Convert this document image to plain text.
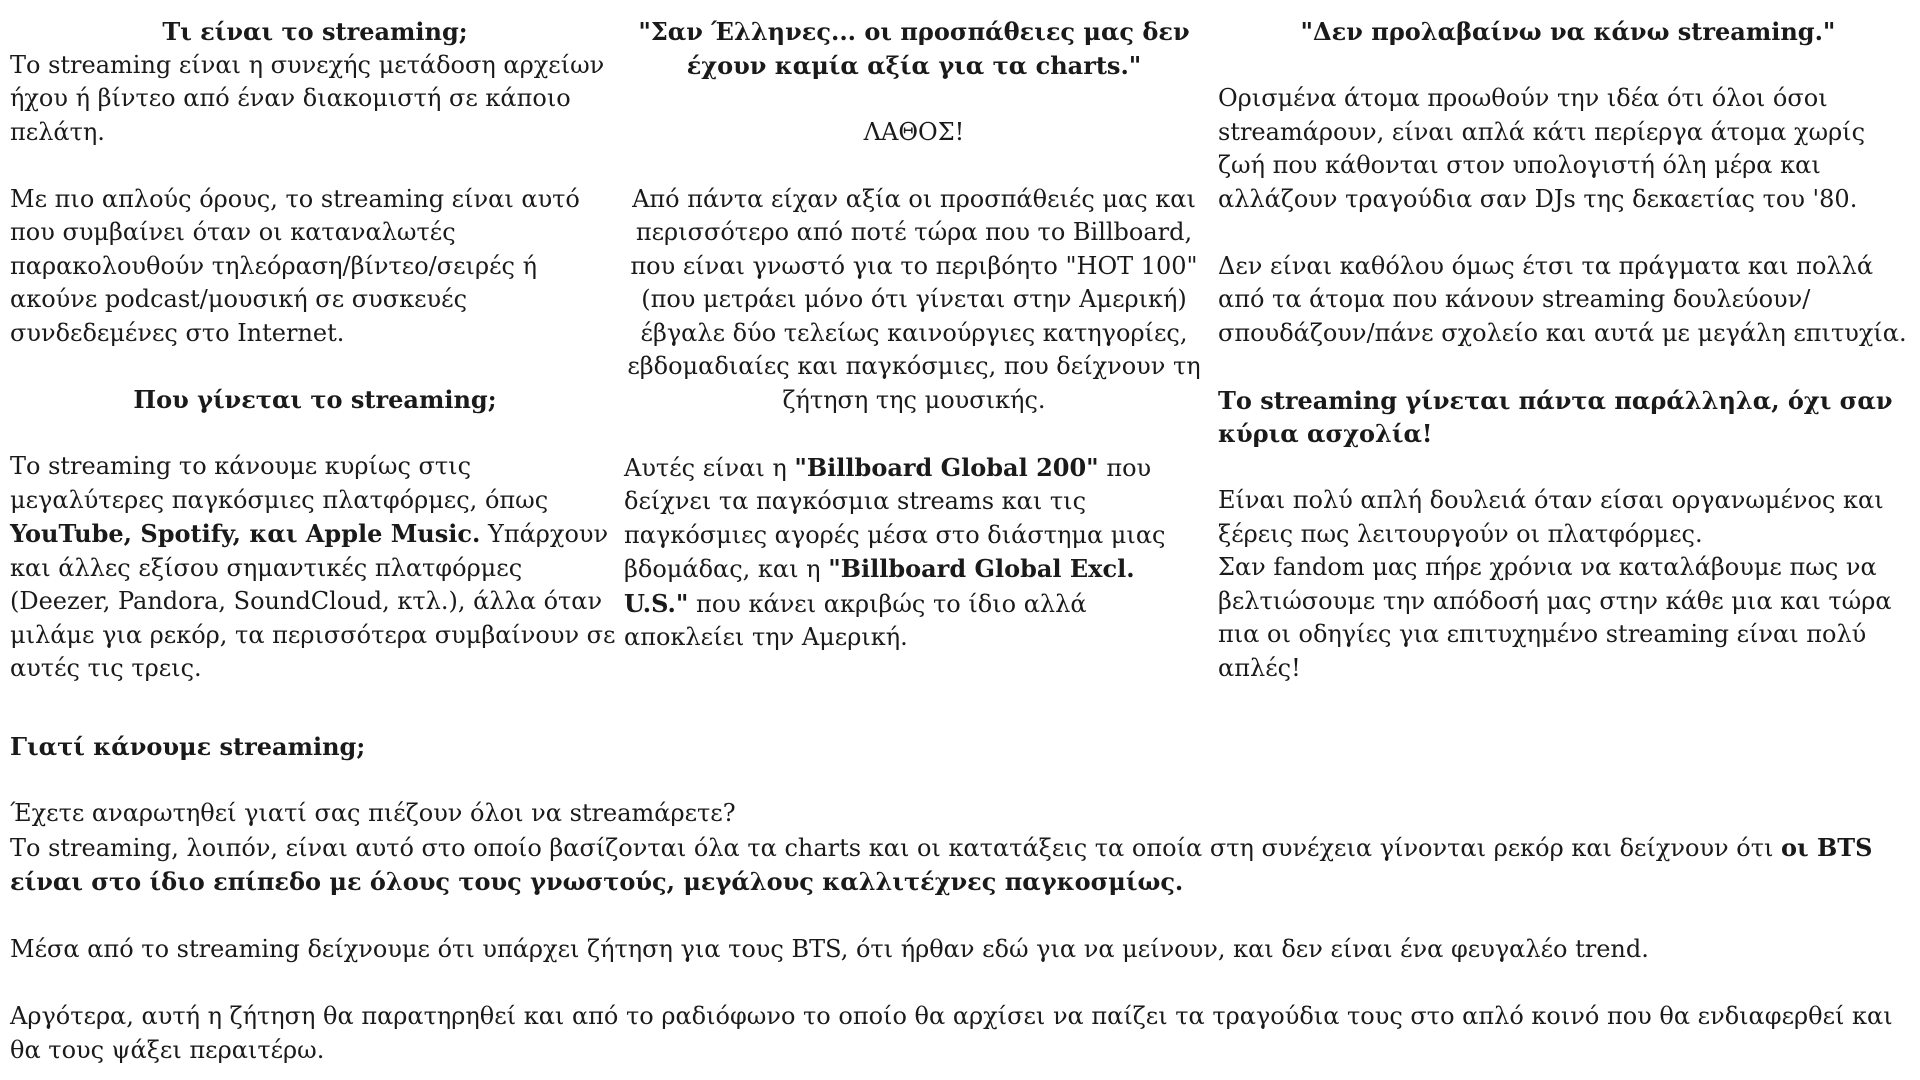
Τι είναι το streaming;

Το streaming είναι η συνεχής μετάδοση αρχείων ήχου ή βίντεο από έναν διακομιστή σε κάποιο πελάτη.

Με πιο απλούς όρους, το streaming είναι αυτό που συμβαίνει όταν οι καταναλωτές παρακολουθούν τηλεόραση/βίντεο/σειρές ή ακούνε podcast/μουσική σε συσκευές συνδεδεμένες στο Internet.

Που γίνεται το streaming;

Το streaming το κάνουμε κυρίως στις μεγαλύτερες παγκόσμιες πλατφόρμες, όπως YouTube, Spotify, και Apple Music. Υπάρχουν και άλλες εξίσου σημαντικές πλατφόρμες (Deezer, Pandora, SoundCloud, κτλ.), άλλα όταν μιλάμε για ρεκόρ, τα περισσότερα συμβαίνουν σε αυτές τις τρεις.

"Σαν Έλληνες... οι προσπάθειες μας δεν έχουν καμία αξία για τα charts."

ΛΑΘΟΣ!

Από πάντα είχαν αξία οι προσπάθειές μας και περισσότερο από ποτέ τώρα που το Billboard, που είναι γνωστό για το περιβόητο "HOT 100" (που μετράει μόνο ότι γίνεται στην Αμερική) έβγαλε δύο τελείως καινούργιες κατηγορίες, εβδομαδιαίες και παγκόσμιες, που δείχνουν τη ζήτηση της μουσικής.

Αυτές είναι η "Billboard Global 200" που δείχνει τα παγκόσμια streams και τις παγκόσμιες αγορές μέσα στο διάστημα μιας βδομάδας, και η "Billboard Global Excl. U.S." που κάνει ακριβώς το ίδιο αλλά αποκλείει την Αμερική.

"Δεν προλαβαίνω να κάνω streaming."

Ορισμένα άτομα προωθούν την ιδέα ότι όλοι όσοι streamάρουν, είναι απλά κάτι περίεργα άτομα χωρίς ζωή που κάθονται στον υπολογιστή όλη μέρα και αλλάζουν τραγούδια σαν DJs της δεκαετίας του '80.

Δεν είναι καθόλου όμως έτσι τα πράγματα και πολλά από τα άτομα που κάνουν streaming δουλεύουν/σπουδάζουν/πάνε σχολείο και αυτά με μεγάλη επιτυχία.

Το streaming γίνεται πάντα παράλληλα, όχι σαν κύρια ασχολία!

Είναι πολύ απλή δουλειά όταν είσαι οργανωμένος και ξέρεις πως λειτουργούν οι πλατφόρμες.

Σαν fandom μας πήρε χρόνια να καταλάβουμε πως να βελτιώσουμε την απόδοσή μας στην κάθε μια και τώρα πια οι οδηγίες για επιτυχημένο streaming είναι πολύ απλές!

Γιατί κάνουμε streaming;

Έχετε αναρωτηθεί γιατί σας πιέζουν όλοι να streamάρετε?

Το streaming, λοιπόν, είναι αυτό στο οποίο βασίζονται όλα τα charts και οι κατατάξεις τα οποία στη συνέχεια γίνονται ρεκόρ και δείχνουν ότι οι BTS είναι στο ίδιο επίπεδο με όλους τους γνωστούς, μεγάλους καλλιτέχνες παγκοσμίως.

Μέσα από το streaming δείχνουμε ότι υπάρχει ζήτηση για τους BTS, ότι ήρθαν εδώ για να μείνουν, και δεν είναι ένα φευγαλέο trend.

Αργότερα, αυτή η ζήτηση θα παρατηρηθεί και από το ραδιόφωνο το οποίο θα αρχίσει να παίζει τα τραγούδια τους στο απλό κοινό που θα ενδιαφερθεί και θα τους ψάξει περαιτέρω.
